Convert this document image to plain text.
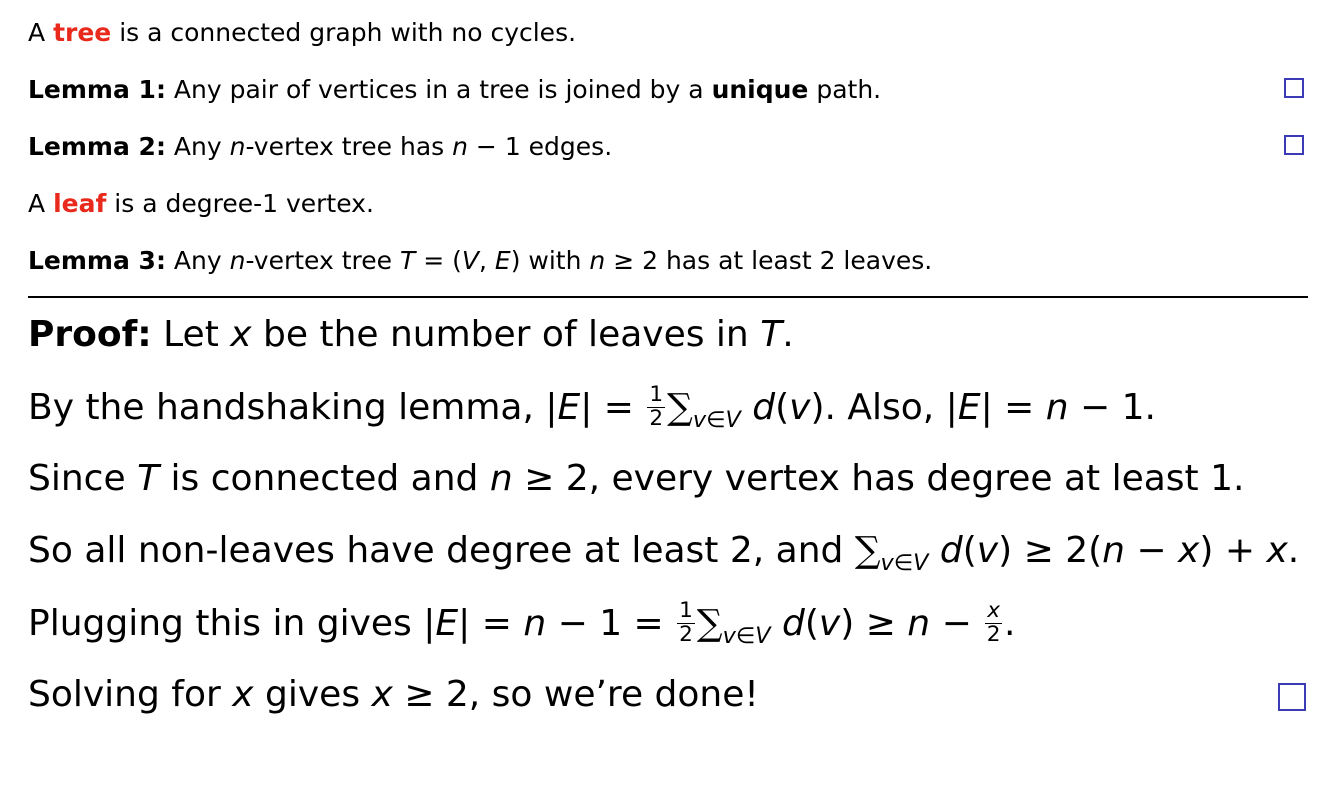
A tree is a connected graph with no cycles.
Lemma 1: Any pair of vertices in a tree is joined by a unique path.
Lemma 2: Any n-vertex tree has n − 1 edges.
A leaf is a degree-1 vertex.
Lemma 3: Any n-vertex tree T = (V, E) with n ≥ 2 has at least 2 leaves.
Proof: Let x be the number of leaves in T.
By the handshaking lemma, $|E| = \frac{1}{2} \sum_{v\in V}$ d(v). Also, |E| = n − 1.
Since T is connected and n ≥ 2, every vertex has degree at least 1.
So all non-leaves have degree at least 2, and $\sum_{v\in V}$ d(v) ≥ 2(n − x) + x.
Plugging this in gives $|E| = n - 1 = \frac{1}{2} \sum_{v\in V}$ $d(v) \ge n - \frac{x}{2}$ .
Solving for x gives x ≥ 2, so we’re done!
